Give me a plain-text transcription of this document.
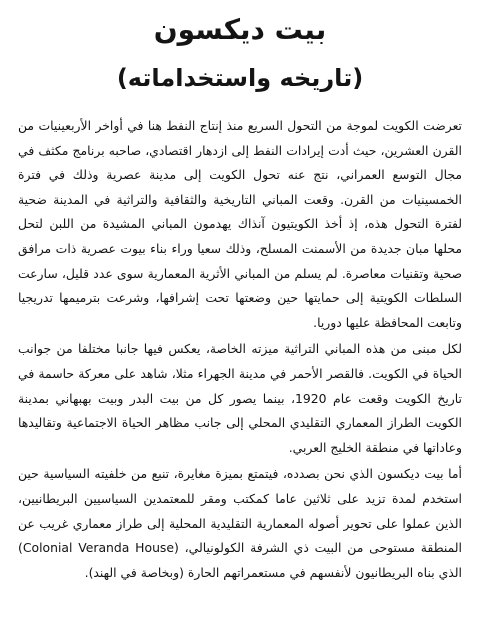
بيت ديكسون
(تاريخه واستخداماته)

تعرضت الكويت لموجة من التحول السريع منذ إنتاج النفط هنا في أواخر الأربعينيات من القرن العشرين، حيث أدت إيرادات النفط إلى ازدهار اقتصادي، صاحبه برنامج مكثف في مجال التوسع العمراني، نتج عنه تحول الكويت إلى مدينة عصرية وذلك في فترة الخمسينيات من القرن. وقعت المباني التاريخية والثقافية والتراثية في المدينة ضحية لفترة التحول هذه، إذ أخذ الكويتيون آنذاك يهدمون المباني المشيدة من اللبن لتحل محلها مبان جديدة من الأسمنت المسلح، وذلك سعيا وراء بناء بيوت عصرية ذات مرافق صحية وتقنيات معاصرة. لم يسلم من المباني الأثرية المعمارية سوى عدد قليل، سارعت السلطات الكويتية إلى حمايتها حين وضعتها تحت إشرافها، وشرعت بترميمها تدريجيا وتابعت المحافظة عليها دوريا.

لكل مبنى من هذه المباني التراثية ميزته الخاصة، يعكس فيها جانبا مختلفا من جوانب الحياة في الكويت. فالقصر الأحمر في مدينة الجهراء مثلا، شاهد على معركة حاسمة في تاريخ الكويت وقعت عام 1920، بينما يصور كل من بيت البدر وبيت بهبهاني بمدينة الكويت الطراز المعماري التقليدي المحلي إلى جانب مظاهر الحياة الاجتماعية وتقاليدها وعاداتها في منطقة الخليج العربي.

أما بيت ديكسون الذي نحن بصدده، فيتمتع بميزة مغايرة، تنبع من خلفيته السياسية حين استخدم لمدة تزيد على ثلاثين عاما كمكتب ومقر للمعتمدين السياسيين البريطانيين، الذين عملوا على تحوير أصوله المعمارية التقليدية المحلية إلى طراز معماري غريب عن المنطقة مستوحى من البيت ذي الشرفة الكولونيالي، (Colonial Veranda House) الذي بناه البريطانيون لأنفسهم في مستعمراتهم الحارة (وبخاصة في الهند).
